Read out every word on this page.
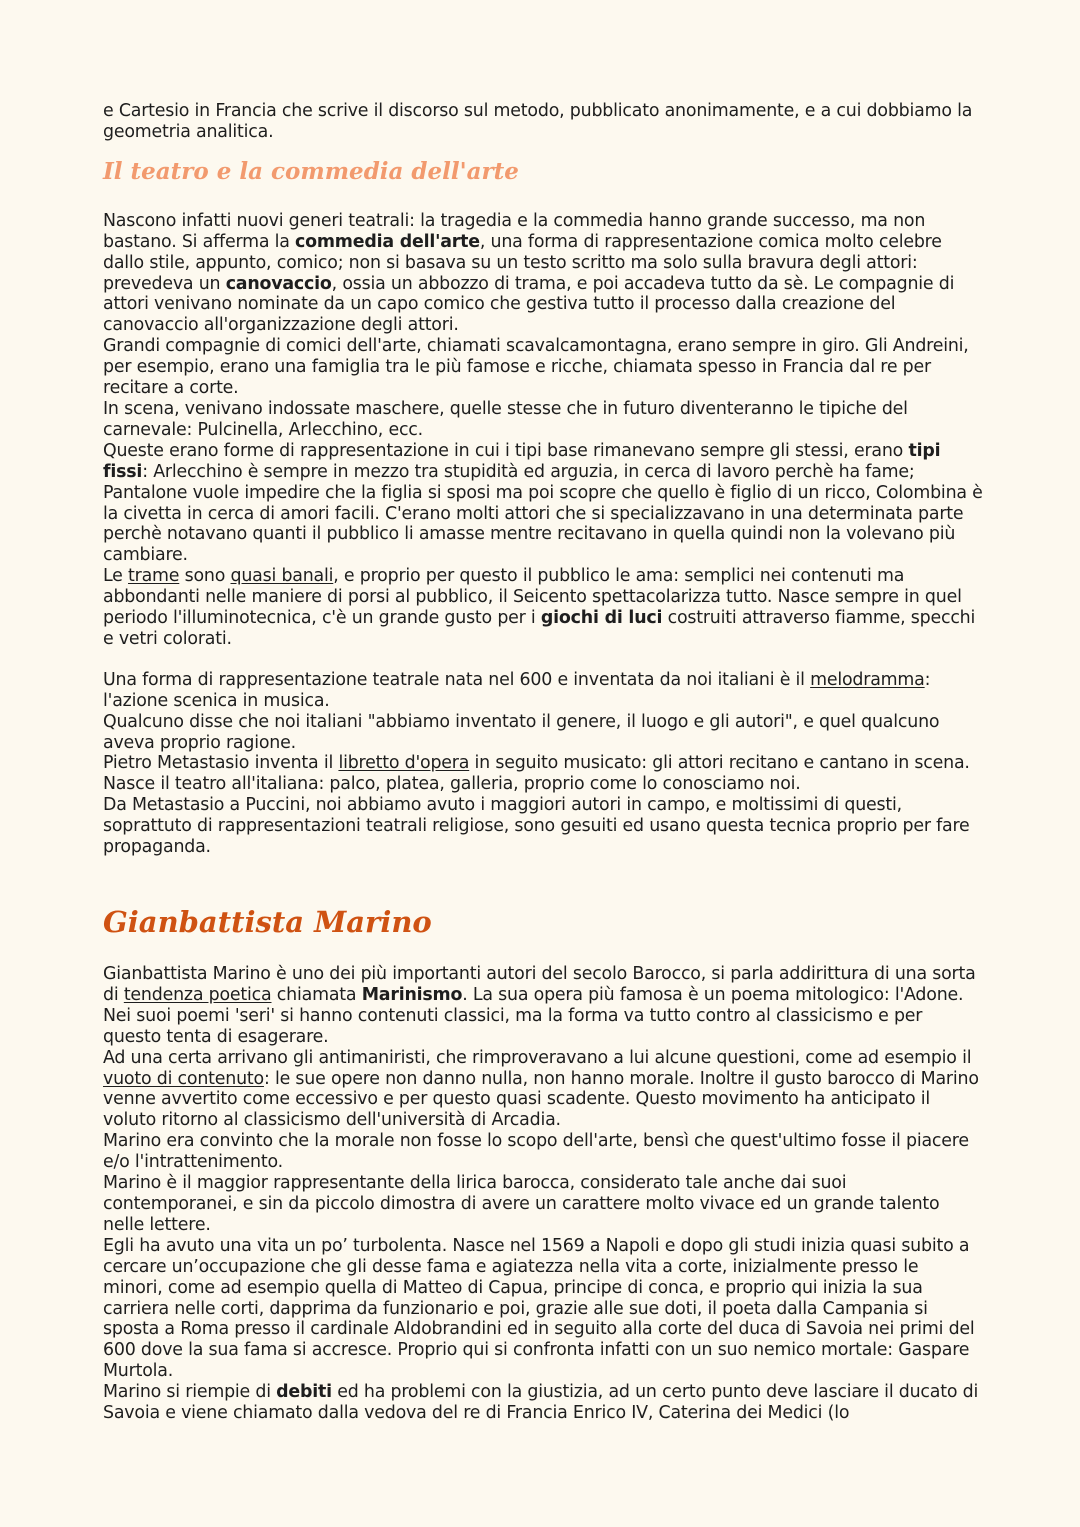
e Cartesio in Francia che scrive il discorso sul metodo, pubblicato anonimamente, e a cui dobbiamo la geometria analitica.

Il teatro e la commedia dell'arte

Nascono infatti nuovi generi teatrali: la tragedia e la commedia hanno grande successo, ma non bastano. Si afferma la commedia dell'arte, una forma di rappresentazione comica molto celebre dallo stile, appunto, comico; non si basava su un testo scritto ma solo sulla bravura degli attori: prevedeva un canovaccio, ossia un abbozzo di trama, e poi accadeva tutto da sè. Le compagnie di attori venivano nominate da un capo comico che gestiva tutto il processo dalla creazione del canovaccio all'organizzazione degli attori.

Grandi compagnie di comici dell'arte, chiamati scavalcamontagna, erano sempre in giro. Gli Andreini, per esempio, erano una famiglia tra le più famose e ricche, chiamata spesso in Francia dal re per recitare a corte.

In scena, venivano indossate maschere, quelle stesse che in futuro diventeranno le tipiche del carnevale: Pulcinella, Arlecchino, ecc.

Queste erano forme di rappresentazione in cui i tipi base rimanevano sempre gli stessi, erano tipi fissi: Arlecchino è sempre in mezzo tra stupidità ed arguzia, in cerca di lavoro perchè ha fame; Pantalone vuole impedire che la figlia si sposi ma poi scopre che quello è figlio di un ricco, Colombina è la civetta in cerca di amori facili. C'erano molti attori che si specializzavano in una determinata parte perchè notavano quanti il pubblico li amasse mentre recitavano in quella quindi non la volevano più cambiare.

Le trame sono quasi banali, e proprio per questo il pubblico le ama: semplici nei contenuti ma abbondanti nelle maniere di porsi al pubblico, il Seicento spettacolarizza tutto. Nasce sempre in quel periodo l'illuminotecnica, c'è un grande gusto per i giochi di luci costruiti attraverso fiamme, specchi e vetri colorati.

Una forma di rappresentazione teatrale nata nel 600 e inventata da noi italiani è il melodramma: l'azione scenica in musica.

Qualcuno disse che noi italiani "abbiamo inventato il genere, il luogo e gli autori", e quel qualcuno aveva proprio ragione.

Pietro Metastasio inventa il libretto d'opera in seguito musicato: gli attori recitano e cantano in scena. Nasce il teatro all'italiana: palco, platea, galleria, proprio come lo conosciamo noi.

Da Metastasio a Puccini, noi abbiamo avuto i maggiori autori in campo, e moltissimi di questi, soprattuto di rappresentazioni teatrali religiose, sono gesuiti ed usano questa tecnica proprio per fare propaganda.

Gianbattista Marino

Gianbattista Marino è uno dei più importanti autori del secolo Barocco, si parla addirittura di una sorta di tendenza poetica chiamata Marinismo. La sua opera più famosa è un poema mitologico: l'Adone. Nei suoi poemi 'seri' si hanno contenuti classici, ma la forma va tutto contro al classicismo e per questo tenta di esagerare.

Ad una certa arrivano gli antimaniristi, che rimproveravano a lui alcune questioni, come ad esempio il vuoto di contenuto: le sue opere non danno nulla, non hanno morale. Inoltre il gusto barocco di Marino venne avvertito come eccessivo e per questo quasi scadente. Questo movimento ha anticipato il voluto ritorno al classicismo dell'università di Arcadia.

Marino era convinto che la morale non fosse lo scopo dell'arte, bensì che quest'ultimo fosse il piacere e/o l'intrattenimento.

Marino è il maggior rappresentante della lirica barocca, considerato tale anche dai suoi contemporanei, e sin da piccolo dimostra di avere un carattere molto vivace ed un grande talento nelle lettere.

Egli ha avuto una vita un po’ turbolenta. Nasce nel 1569 a Napoli e dopo gli studi inizia quasi subito a cercare un’occupazione che gli desse fama e agiatezza nella vita a corte, inizialmente presso le minori, come ad esempio quella di Matteo di Capua, principe di conca, e proprio qui inizia la sua carriera nelle corti, dapprima da funzionario e poi, grazie alle sue doti, il poeta dalla Campania si sposta a Roma presso il cardinale Aldobrandini ed in seguito alla corte del duca di Savoia nei primi del 600 dove la sua fama si accresce. Proprio qui si confronta infatti con un suo nemico mortale: Gaspare Murtola.

Marino si riempie di debiti ed ha problemi con la giustizia, ad un certo punto deve lasciare il ducato di Savoia e viene chiamato dalla vedova del re di Francia Enrico IV, Caterina dei Medici (lo
